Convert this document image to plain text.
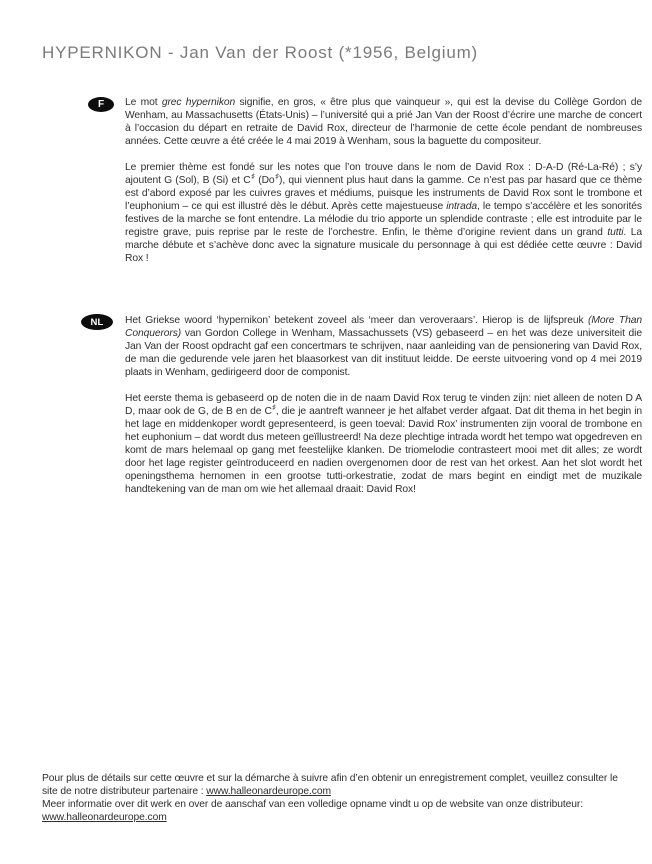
HYPERNIKON - Jan Van der Roost (*1956, Belgium)
F	Le mot grec hypernikon signifie, en gros, « être plus que vainqueur », qui est la devise du Collège Gordon de Wenham, au Massachusetts (États-Unis) – l’université qui a prié Jan Van der Roost d’écrire une marche de concert à l’occasion du départ en retraite de David Rox, directeur de l’harmonie de cette école pendant de nombreuses années. Cette œuvre a été créée le 4 mai 2019 à Wenham, sous la baguette du compositeur.

Le premier thème est fondé sur les notes que l’on trouve dans le nom de David Rox : D-A-D (Ré-La-Ré) ; s’y ajoutent G (Sol), B (Si) et C♯ (Do♯), qui viennent plus haut dans la gamme. Ce n’est pas par hasard que ce thème est d’abord exposé par les cuivres graves et médiums, puisque les instruments de David Rox sont le trombone et l’euphonium – ce qui est illustré dès le début. Après cette majestueuse intrada, le tempo s’accélère et les sonorités festives de la marche se font entendre. La mélodie du trio apporte un splendide contraste ; elle est introduite par le registre grave, puis reprise par le reste de l’orchestre. Enfin, le thème d’origine revient dans un grand tutti. La marche débute et s’achève donc avec la signature musicale du personnage à qui est dédiée cette œuvre : David Rox !

NL	Het Griekse woord ‘hypernikon’ betekent zoveel als ‘meer dan veroveraars’. Hierop is de lijfspreuk (More Than Conquerors) van Gordon College in Wenham, Massachussets (VS) gebaseerd – en het was deze universiteit die Jan Van der Roost opdracht gaf een concertmars te schrijven, naar aanleiding van de pensionering van David Rox, de man die gedurende vele jaren het blaasorkest van dit instituut leidde. De eerste uitvoering vond op 4 mei 2019 plaats in Wenham, gedirigeerd door de componist.

Het eerste thema is gebaseerd op de noten die in de naam David Rox terug te vinden zijn: niet alleen de noten D A D, maar ook de G, de B en de C♯, die je aantreft wanneer je het alfabet verder afgaat. Dat dit thema in het begin in het lage en middenkoper wordt gepresenteerd, is geen toeval: David Rox’ instrumenten zijn vooral de trombone en het euphonium – dat wordt dus meteen geïllustreerd! Na deze plechtige intrada wordt het tempo wat opgedreven en komt de mars helemaal op gang met feestelijke klanken. De triomelodie contrasteert mooi met dit alles; ze wordt door het lage register geïntroduceerd en nadien overgenomen door de rest van het orkest. Aan het slot wordt het openingsthema hernomen in een grootse tutti-orkestratie, zodat de mars begint en eindigt met de muzikale handtekening van de man om wie het allemaal draait: David Rox!

Pour plus de détails sur cette œuvre et sur la démarche à suivre afin d’en obtenir un enregistrement complet, veuillez consulter le site de notre distributeur partenaire : www.halleonardeurope.com

Meer informatie over dit werk en over de aanschaf van een volledige opname vindt u op de website van onze distributeur: www.halleonardeurope.com
